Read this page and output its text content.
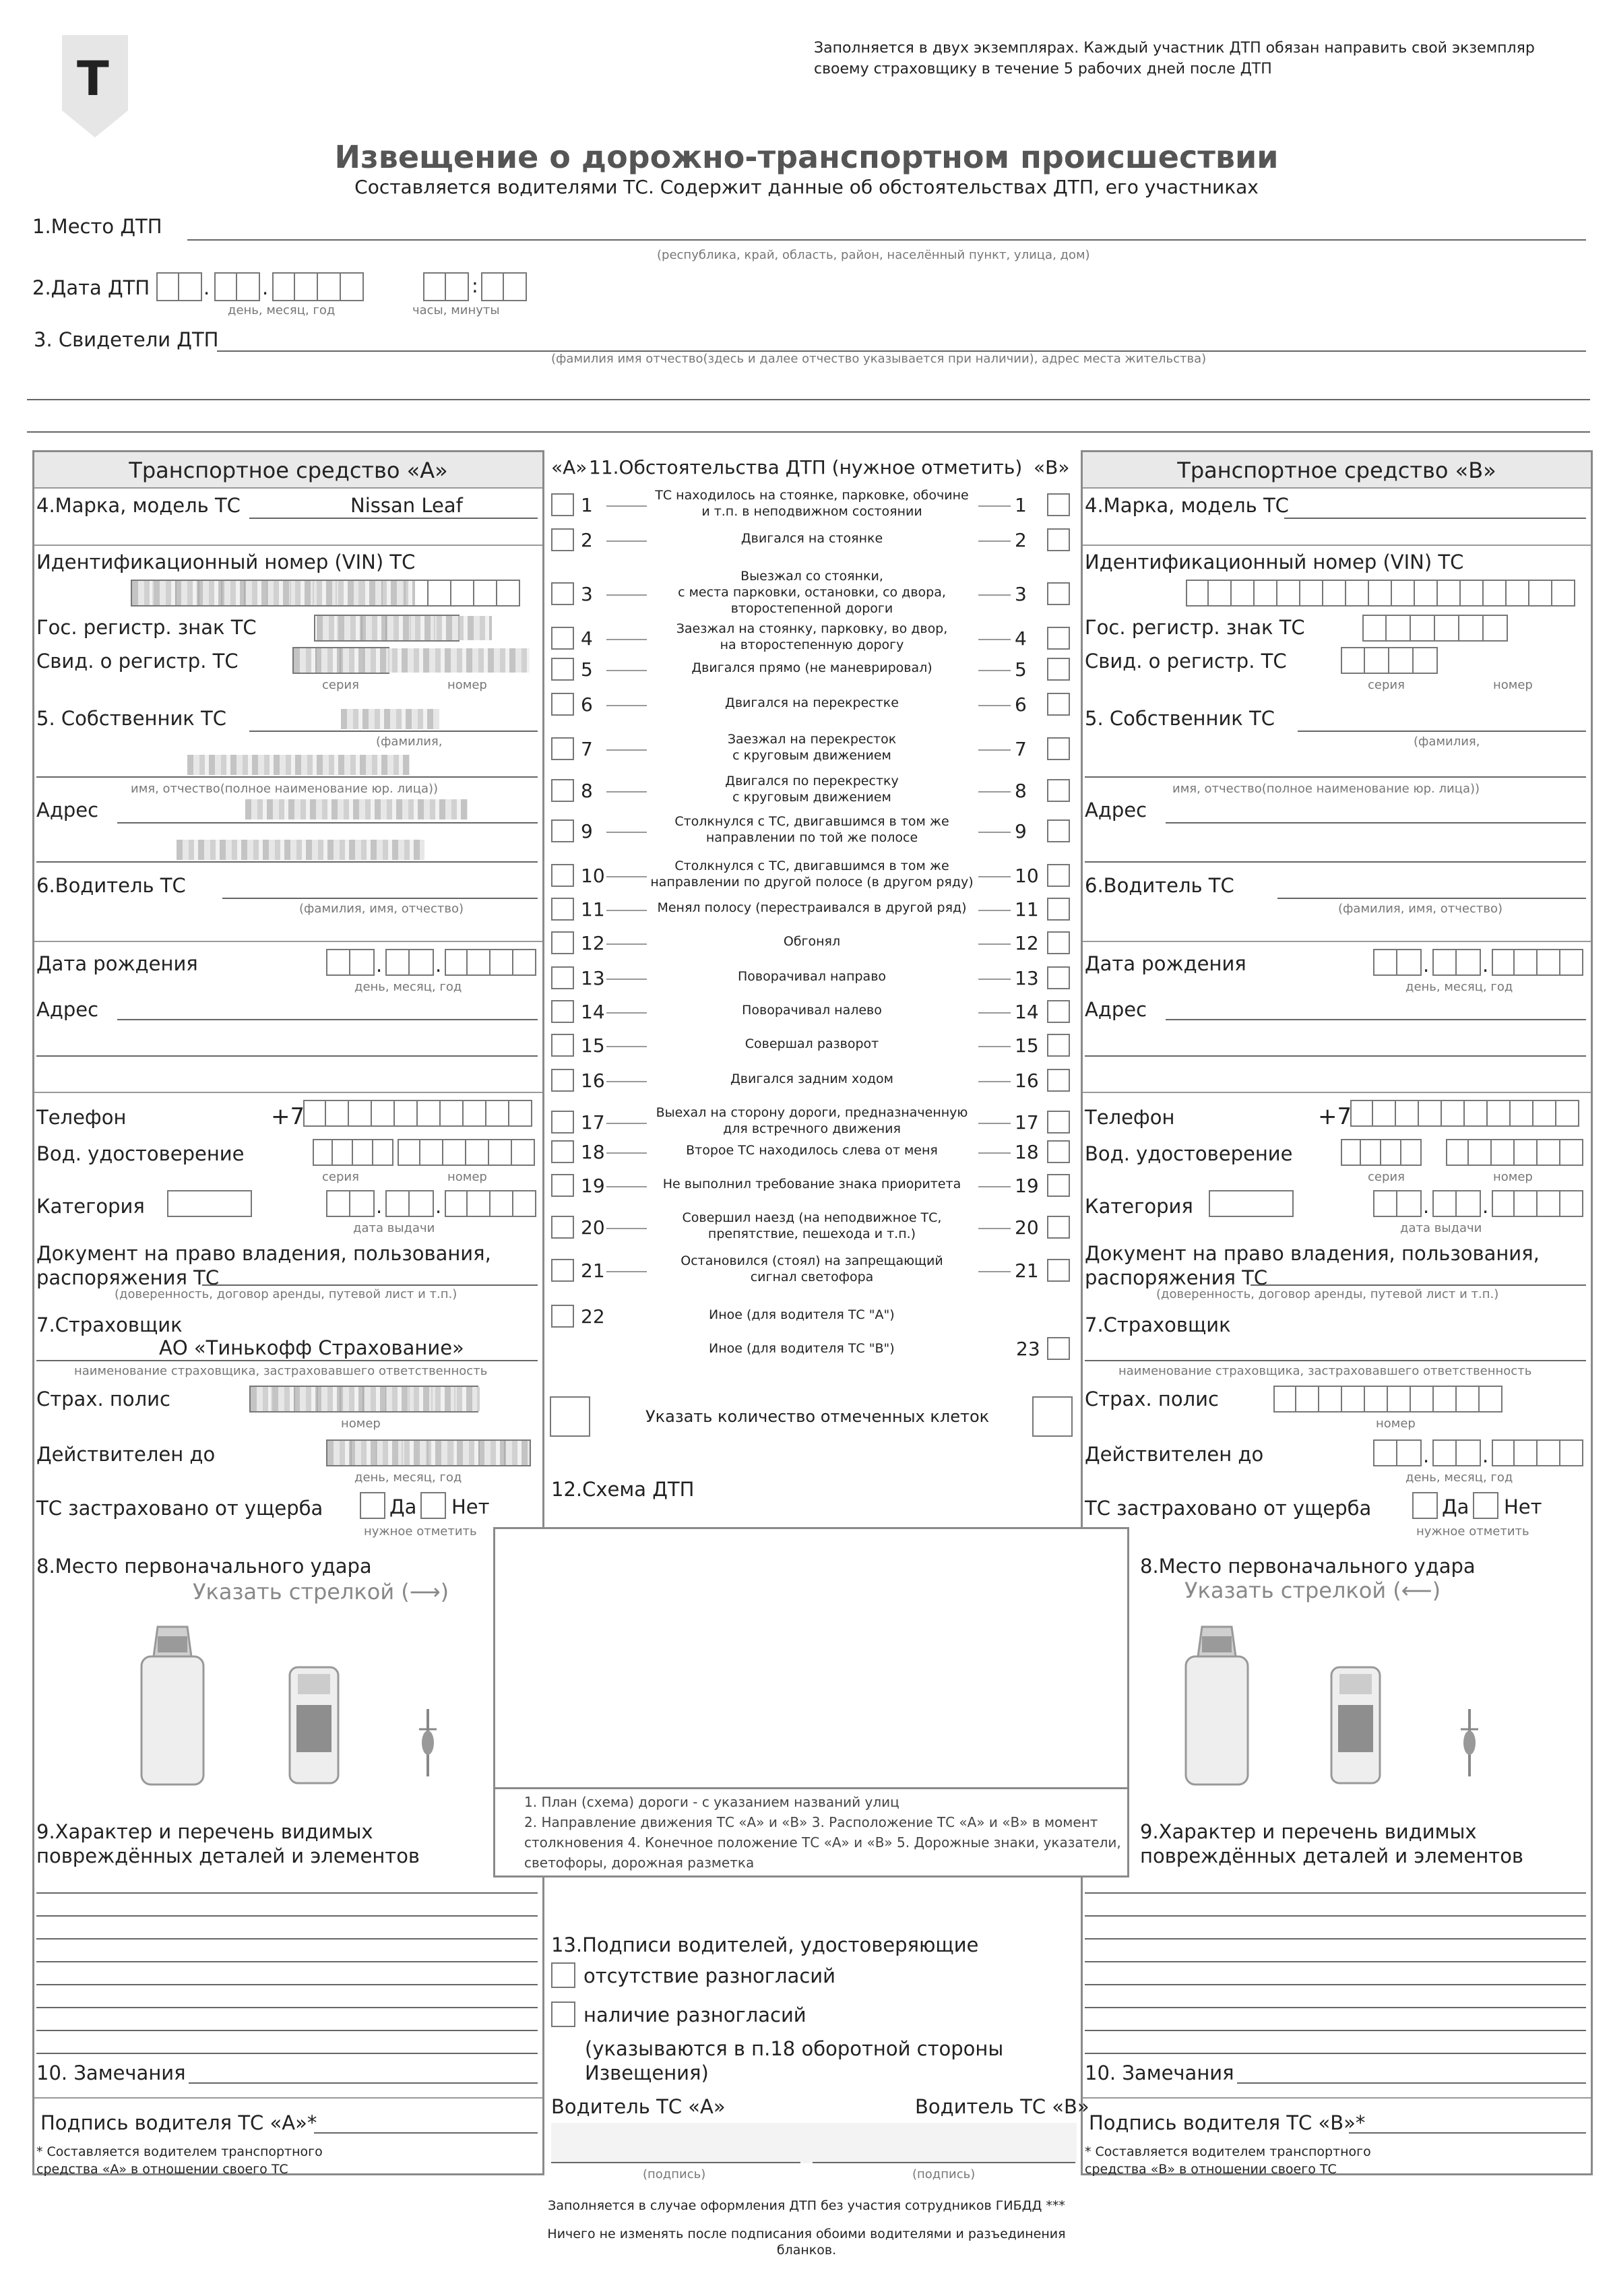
Т
Заполняется в двух экземплярах. Каждый участник ДТП обязан направить свой экземпляр своему страховщику в течение 5 рабочих дней после ДТП
Извещение о дорожно-транспортном происшествии
Составляется водителями ТС. Содержит данные об обстоятельствах ДТП, его участниках
1.Место ДТП
(республика, край, область, район, населённый пункт, улица, дом)
2.Дата ДТП	.	.
день, месяц, год
:
часы, минуты
3. Свидетели ДТП
(фамилия имя отчество(здесь и далее отчество указывается при наличии), адрес места жительства)
Транспортное средство «А»	Транспортное средство «В»
4.Марка, модель ТС	Nissan Leaf
Идентификационный номер (VIN) ТС
Гос. регистр. знак ТС
Свид. о регистр. ТС
серия	номер
5. Собственник ТС
(фамилия,
имя, отчество(полное наименование юр. лица))
Адрес
6.Водитель ТС
(фамилия, имя, отчество)
Дата рождения	.	.
день, месяц, год
Адрес
Телефон	+7
Вод. удостоверение
серия	номер
Категория	.	.
дата выдачи
Документ на право владения, пользования,
распоряжения ТС
(доверенность, договор аренды, путевой лист и т.п.)
7.Страховщик
АО «Тинькофф Страхование»
наименование страховщика, застраховавшего ответственность
Страх. полис
номер
Действителен до
день, месяц, год
ТС застраховано от ущерба	Да Нет
нужное отметить
8.Место первоначального удара
Указать стрелкой (⟶)
9.Характер и перечень видимых
повреждённых деталей и элементов
10. Замечания
Подпись водителя ТС «А»*
* Составляется водителем транспортного
средства «А» в отношении своего ТС
4.Марка, модель ТС
Идентификационный номер (VIN) ТС
Гос. регистр. знак ТС
Свид. о регистр. ТС
серия	номер
5. Собственник ТС
(фамилия,
имя, отчество(полное наименование юр. лица))
Адрес
6.Водитель ТС
(фамилия, имя, отчество)
Дата рождения	.	.
день, месяц, год
Адрес
Телефон	+7
Вод. удостоверение
серия	номер
Категория	.	.
дата выдачи
Документ на право владения, пользования,
распоряжения ТС
(доверенность, договор аренды, путевой лист и т.п.)
7.Страховщик
наименование страховщика, застраховавшего ответственность
Страх. полис
номер
Действителен до	.	.
день, месяц, год
ТС застраховано от ущерба	Да Нет
нужное отметить
8.Место первоначального удара
Указать стрелкой (⟵)
9.Характер и перечень видимых
повреждённых деталей и элементов
10. Замечания
Подпись водителя ТС «В»*
* Составляется водителем транспортного
средства «В» в отношении своего ТС
«А» 11.Обстоятельства ДТП (нужное отметить) «В»
1	ТС находилось на стоянке, парковке, обочине
и т.п. в неподвижном состоянии	1
2	Двигался на стоянке	2
3
Выезжал со стоянки,
с места парковки, остановки, со двора,
второстепенной дороги
3
4	Заезжал на стоянку, парковку, во двор,
на второстепенную дорогу	4
5	Двигался прямо (не маневрировал)	5
6	Двигался на перекрестке	6
7	Заезжал на перекресток
с круговым движением	7
8	Двигался по перекрестку
с круговым движением	8
9	Столкнулся с ТС, двигавшимся в том же
направлении по той же полосе	9
10	Столкнулся с ТС, двигавшимся в том же
направлении по другой полосе (в другом ряду)	10
11	Менял полосу (перестраивался в другой ряд)	11
12	Обгонял	12
13	Поворачивал направо	13
14	Поворачивал налево	14
15	Совершал разворот	15
16	Двигался задним ходом	16
17	Выехал на сторону дороги, предназначенную
для встречного движения	17
18	Второе ТС находилось слева от меня	18
19	Не выполнил требование знака приоритета	19
20	Совершил наезд (на неподвижное ТС,
препятствие, пешехода и т.п.)	20
21	Остановился (стоял) на запрещающий
сигнал светофора	21
22	Иное (для водителя ТС "А")
Иное (для водителя ТС "В")	23
Указать количество отмеченных клеток
12.Схема ДТП
1. План (схема) дороги - с указанием названий улиц
2. Направление движения ТС «А» и «В» 3. Расположение ТС «А» и «В» в момент
столкновения 4. Конечное положение ТС «А» и «В» 5. Дорожные знаки, указатели,
светофоры, дорожная разметка
13.Подписи водителей, удостоверяющие
отсутствие разногласий
наличие разногласий
(указываются в п.18 оборотной стороны
Извещения)
Водитель ТС «А»	Водитель ТС «В»
(подпись)	(подпись)
Заполняется в случае оформления ДТП без участия сотрудников ГИБДД ***
Ничего не изменять после подписания обоими водителями и разъединения
бланков.
